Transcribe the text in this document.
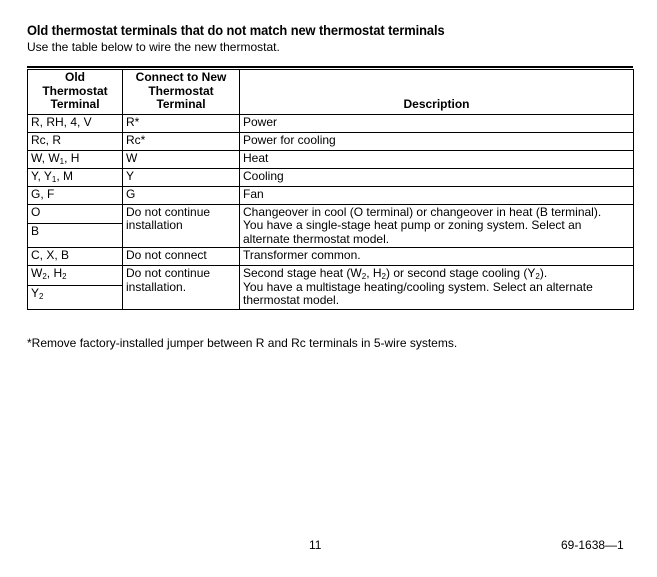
Old thermostat terminals that do not match new thermostat terminals
Use the table below to wire the new thermostat.
Old Thermostat Terminal	Connect to New Thermostat Terminal	Description
R, RH, 4, V	R*	Power
Rc, R	Rc*	Power for cooling
W, $W_1$, H	W	Heat
Y, $Y_1$, M	Y	Cooling
G, F	G	Fan
O	Do not continue installation	Changeover in cool (O terminal) or changeover in heat (B terminal).

You have a single-stage heat pump or zoning system. Select an alternate thermostat model.

B		
C, X, B	Do not connect	Transformer common.
$W_2$, $H_2$	Do not continue installation.	Second stage heat ($W_2$, $H_2$) or second stage cooling $(Y_2)$.

You have a multistage heating/cooling system. Select an alternate thermostat model.

$Y_2$
*Remove factory-installed jumper between R and Rc terminals in 5-wire systems.
11	69-1638—1
